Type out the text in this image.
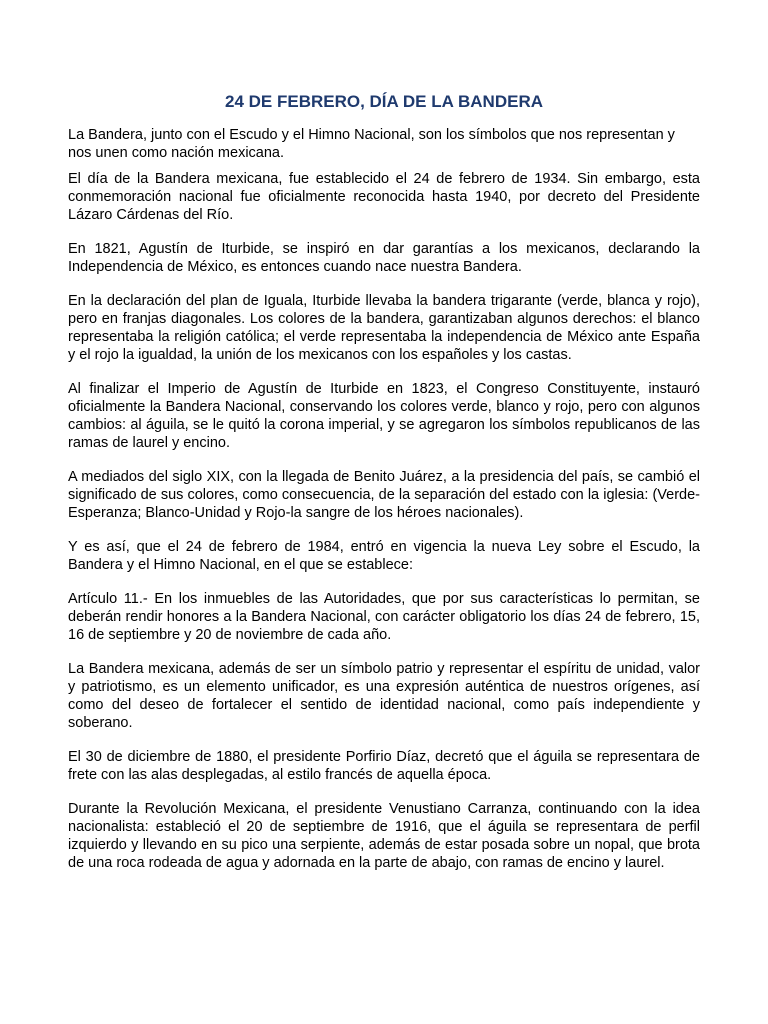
24 DE FEBRERO, DÍA DE LA BANDERA

La Bandera, junto con el Escudo y el Himno Nacional, son los símbolos que nos representan y nos unen como nación mexicana.

El día de la Bandera mexicana, fue establecido el 24 de febrero de 1934. Sin embargo, esta conmemoración nacional fue oficialmente reconocida hasta 1940, por decreto del Presidente Lázaro Cárdenas del Río.

En 1821, Agustín de Iturbide, se inspiró en dar garantías a los mexicanos, declarando la Independencia de México, es entonces cuando nace nuestra Bandera.

En la declaración del plan de Iguala, Iturbide llevaba la bandera trigarante (verde, blanca y rojo), pero en franjas diagonales. Los colores de la bandera, garantizaban algunos derechos: el blanco representaba la religión católica; el verde representaba la independencia de México ante España y el rojo la igualdad, la unión de los mexicanos con los españoles y los castas.

Al finalizar el Imperio de Agustín de Iturbide en 1823, el Congreso Constituyente, instauró oficialmente la Bandera Nacional, conservando los colores verde, blanco y rojo, pero con algunos cambios: al águila, se le quitó la corona imperial, y se agregaron los símbolos republicanos de las ramas de laurel y encino.

A mediados del siglo XIX, con la llegada de Benito Juárez, a la presidencia del país, se cambió el significado de sus colores, como consecuencia, de la separación del estado con la iglesia: (Verde-Esperanza; Blanco-Unidad y Rojo-la sangre de los héroes nacionales).

Y es así, que el 24 de febrero de 1984, entró en vigencia la nueva Ley sobre el Escudo, la Bandera y el Himno Nacional, en el que se establece:

Artículo 11.- En los inmuebles de las Autoridades, que por sus características lo permitan, se deberán rendir honores a la Bandera Nacional, con carácter obligatorio los días 24 de febrero, 15, 16 de septiembre y 20 de noviembre de cada año.

La Bandera mexicana, además de ser un símbolo patrio y representar el espíritu de unidad, valor y patriotismo, es un elemento unificador, es una expresión auténtica de nuestros orígenes, así como del deseo de fortalecer el sentido de identidad nacional, como país independiente y soberano.

El 30 de diciembre de 1880, el presidente Porfirio Díaz, decretó que el águila se representara de frete con las alas desplegadas, al estilo francés de aquella época.

Durante la Revolución Mexicana, el presidente Venustiano Carranza, continuando con la idea nacionalista: estableció el 20 de septiembre de 1916, que el águila se representara de perfil izquierdo y llevando en su pico una serpiente, además de estar posada sobre un nopal, que brota de una roca rodeada de agua y adornada en la parte de abajo, con ramas de encino y laurel.
